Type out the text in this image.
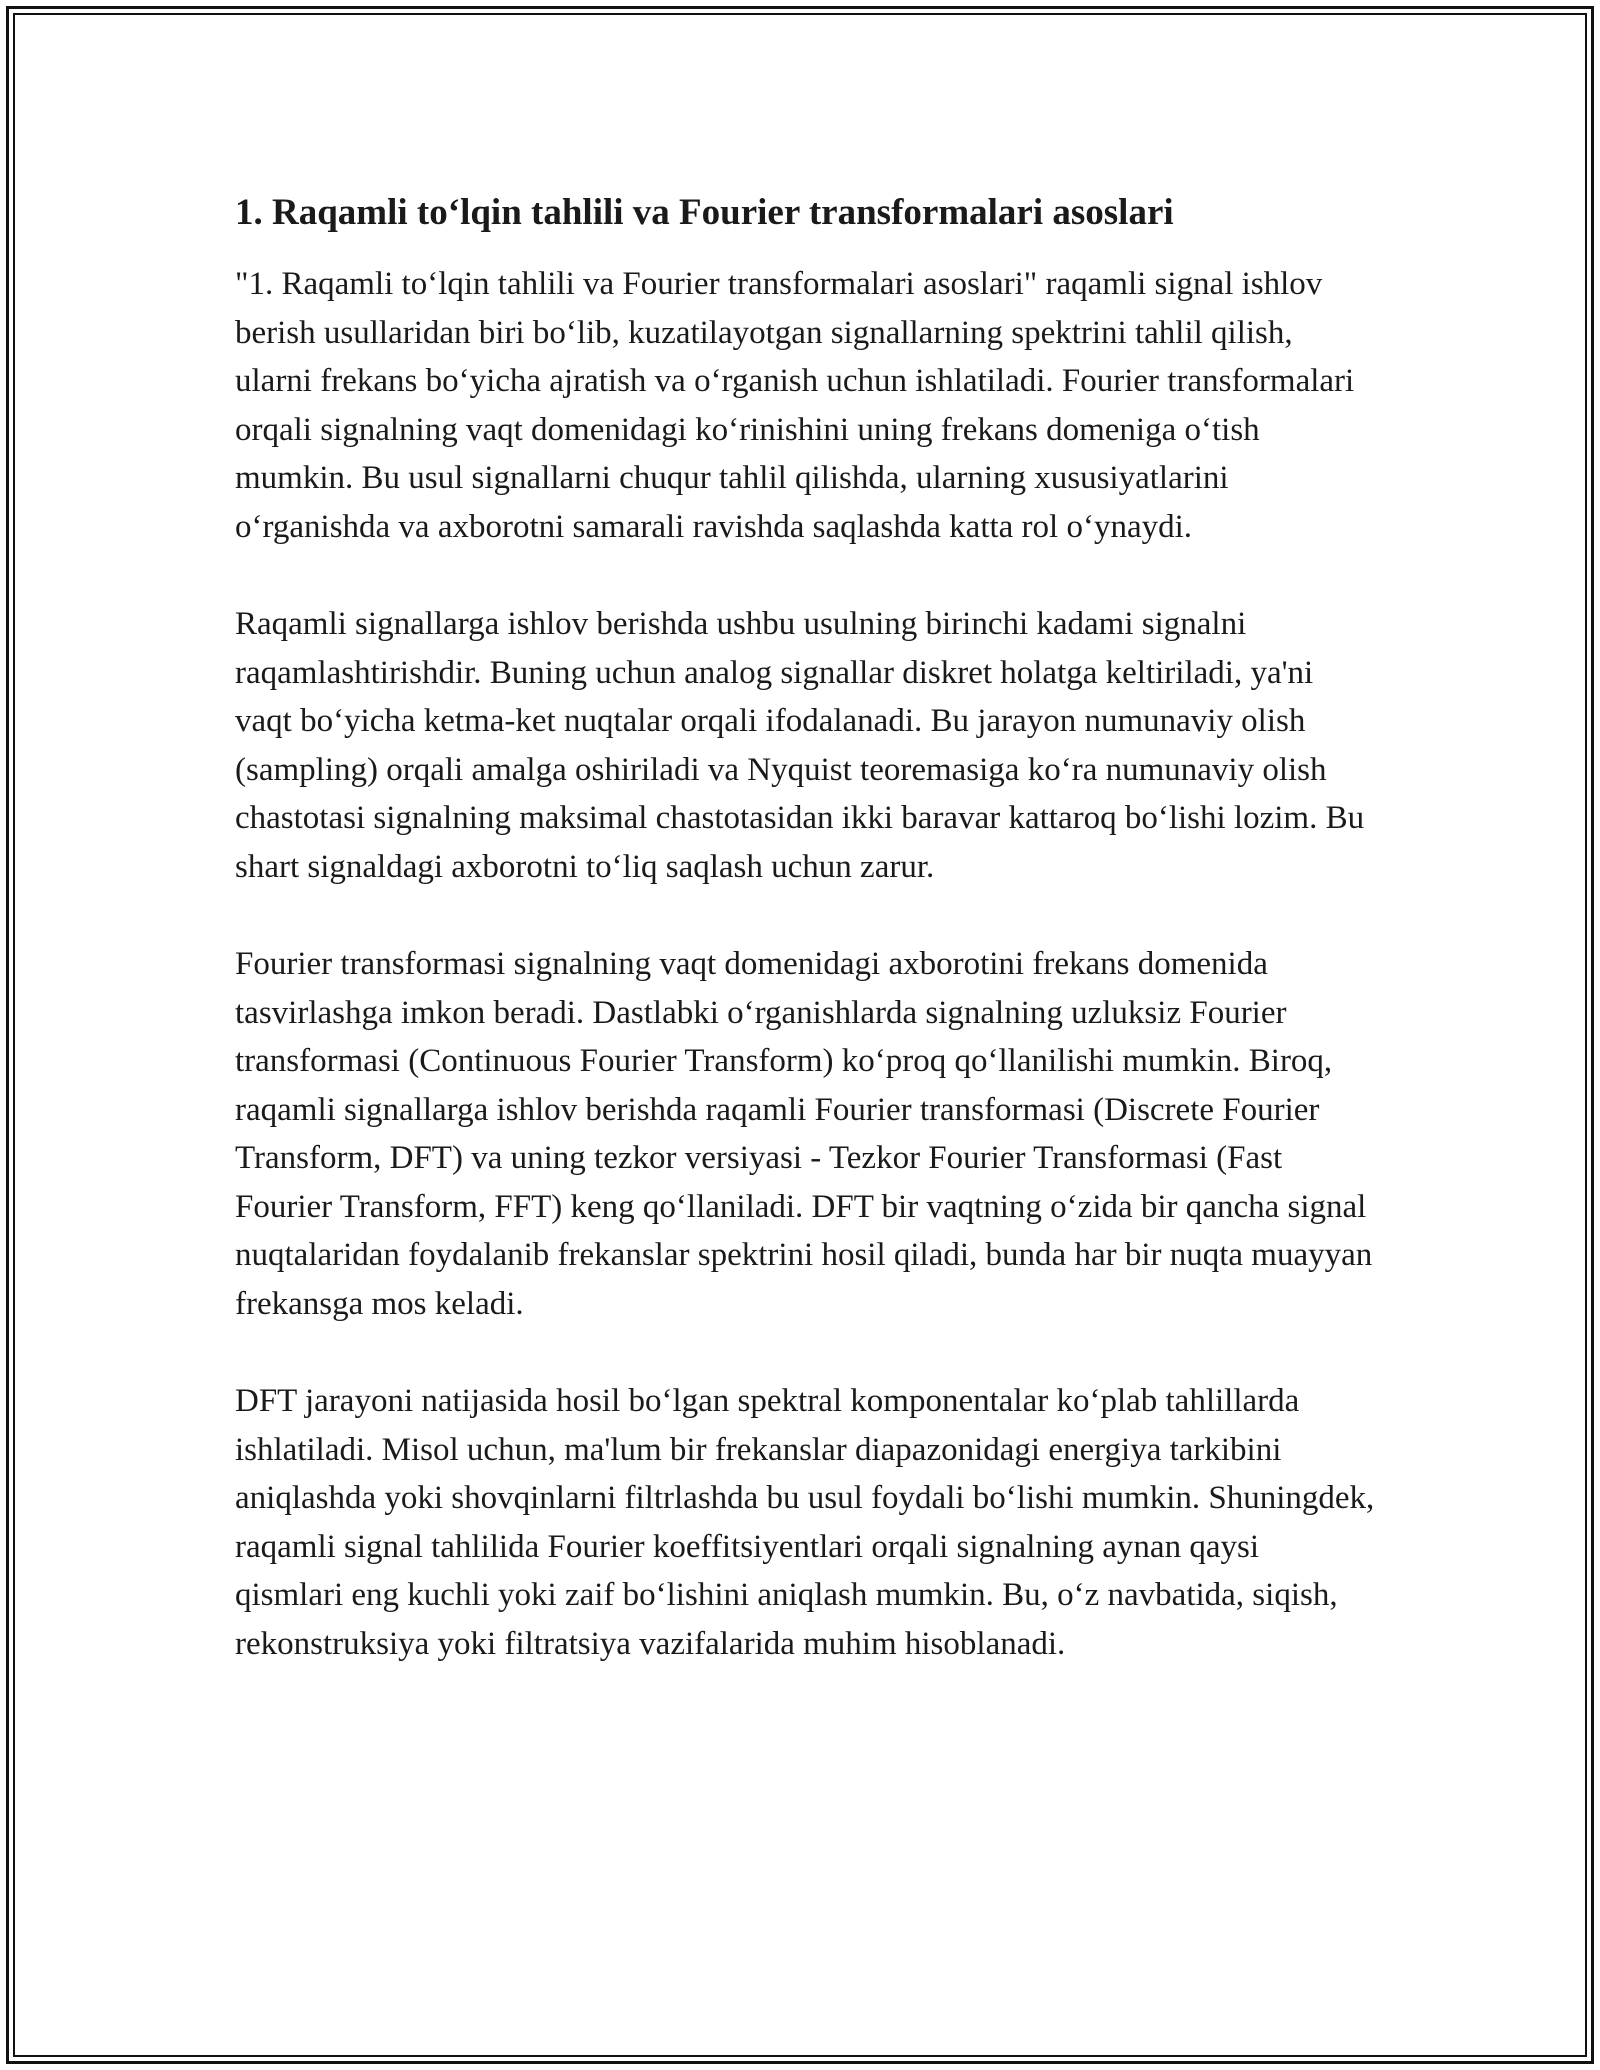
1. Raqamli to‘lqin tahlili va Fourier transformalari asoslari

"1. Raqamli to‘lqin tahlili va Fourier transformalari asoslari" raqamli signal ishlov berish usullaridan biri bo‘lib, kuzatilayotgan signallarning spektrini tahlil qilish, ularni frekans bo‘yicha ajratish va o‘rganish uchun ishlatiladi. Fourier transformalari orqali signalning vaqt domenidagi ko‘rinishini uning frekans domeniga o‘tish mumkin. Bu usul signallarni chuqur tahlil qilishda, ularning xususiyatlarini o‘rganishda va axborotni samarali ravishda saqlashda katta rol o‘ynaydi.

Raqamli signallarga ishlov berishda ushbu usulning birinchi kadami signalni raqamlashtirishdir. Buning uchun analog signallar diskret holatga keltiriladi, ya'ni vaqt bo‘yicha ketma-ket nuqtalar orqali ifodalanadi. Bu jarayon numunaviy olish (sampling) orqali amalga oshiriladi va Nyquist teoremasiga ko‘ra numunaviy olish chastotasi signalning maksimal chastotasidan ikki baravar kattaroq bo‘lishi lozim. Bu shart signaldagi axborotni to‘liq saqlash uchun zarur.

Fourier transformasi signalning vaqt domenidagi axborotini frekans domenida tasvirlashga imkon beradi. Dastlabki o‘rganishlarda signalning uzluksiz Fourier transformasi (Continuous Fourier Transform) ko‘proq qo‘llanilishi mumkin. Biroq, raqamli signallarga ishlov berishda raqamli Fourier transformasi (Discrete Fourier Transform, DFT) va uning tezkor versiyasi - Tezkor Fourier Transformasi (Fast Fourier Transform, FFT) keng qo‘llaniladi. DFT bir vaqtning o‘zida bir qancha signal nuqtalaridan foydalanib frekanslar spektrini hosil qiladi, bunda har bir nuqta muayyan frekansga mos keladi.

DFT jarayoni natijasida hosil bo‘lgan spektral komponentalar ko‘plab tahlillarda ishlatiladi. Misol uchun, ma'lum bir frekanslar diapazonidagi energiya tarkibini aniqlashda yoki shovqinlarni filtrlashda bu usul foydali bo‘lishi mumkin. Shuningdek, raqamli signal tahlilida Fourier koeffitsiyentlari orqali signalning aynan qaysi qismlari eng kuchli yoki zaif bo‘lishini aniqlash mumkin. Bu, o‘z navbatida, siqish, rekonstruksiya yoki filtratsiya vazifalarida muhim hisoblanadi.
